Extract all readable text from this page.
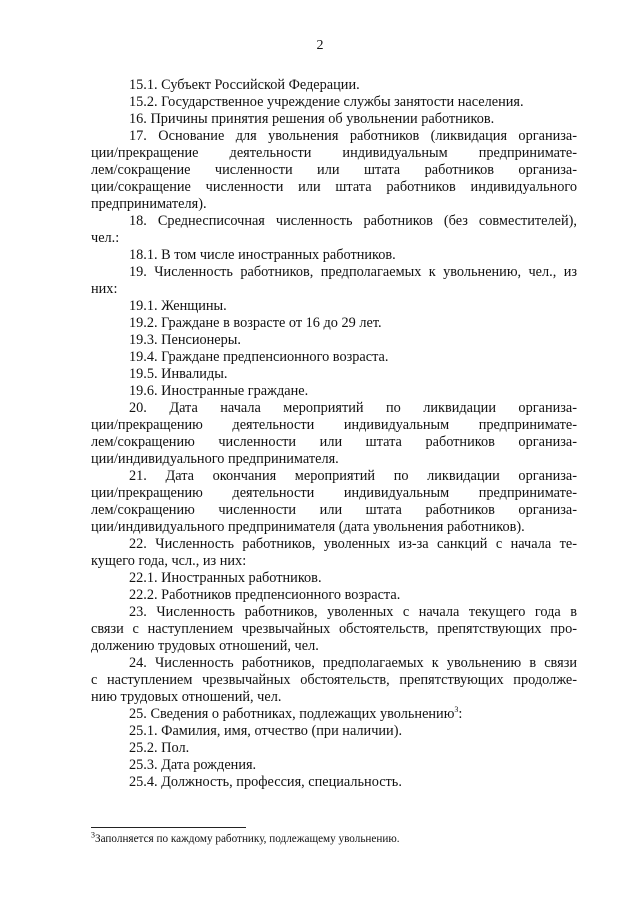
2

15.1. Субъект Российской Федерации.

15.2. Государственное учреждение службы занятости населения.

16. Причины принятия решения об увольнении работников.

17. Основание для увольнения работников (ликвидация организа-

ции/прекращение деятельности индивидуальным предпринимате-

лем/сокращение численности или штата работников организа-

ции/сокращение численности или штата работников индивидуального

предпринимателя).

18. Среднесписочная численность работников (без совместителей),

чел.:

18.1. В том числе иностранных работников.

19. Численность работников, предполагаемых к увольнению, чел., из

них:

19.1. Женщины.

19.2. Граждане в возрасте от 16 до 29 лет.

19.3. Пенсионеры.

19.4. Граждане предпенсионного возраста.

19.5. Инвалиды.

19.6. Иностранные граждане.

20. Дата начала мероприятий по ликвидации организа-

ции/прекращению деятельности индивидуальным предпринимате-

лем/сокращению численности или штата работников организа-

ции/индивидуального предпринимателя.

21. Дата окончания мероприятий по ликвидации организа-

ции/прекращению деятельности индивидуальным предпринимате-

лем/сокращению численности или штата работников организа-

ции/индивидуального предпринимателя (дата увольнения работников).

22. Численность работников, уволенных из-за санкций с начала те-

кущего года, чсл., из них:

22.1. Иностранных работников.

22.2. Работников предпенсионного возраста.

23. Численность работников, уволенных с начала текущего года в

связи с наступлением чрезвычайных обстоятельств, препятствующих про-

должению трудовых отношений, чел.

24. Численность работников, предполагаемых к увольнению в связи

с наступлением чрезвычайных обстоятельств, препятствующих продолже-

нию трудовых отношений, чел.

25. Сведения о работниках, подлежащих увольнению$^3$:

25.1. Фамилия, имя, отчество (при наличии).

25.2. Пол.

25.3. Дата рождения.

25.4. Должность, профессия, специальность.

$^3$Заполняется по каждому работнику, подлежащему увольнению.
